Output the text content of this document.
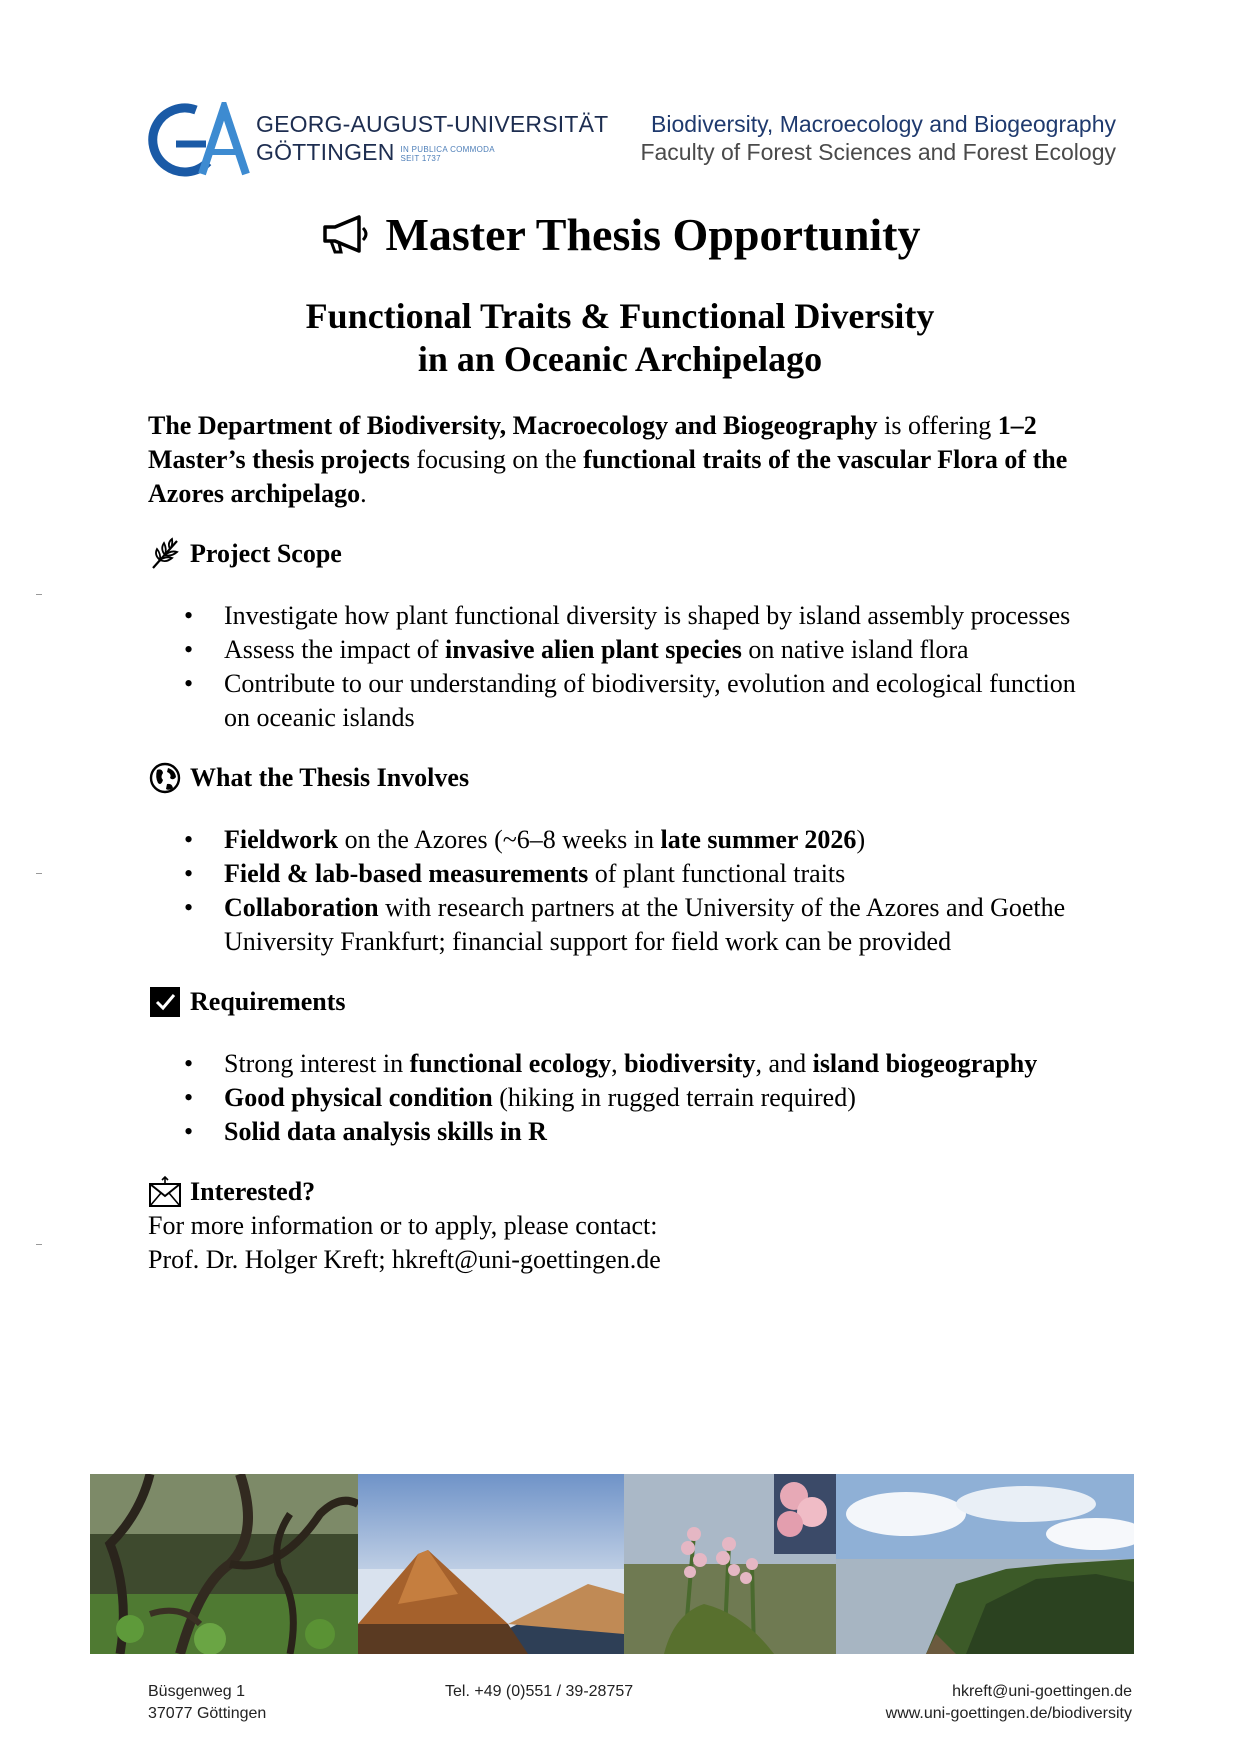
GEORG-AUGUST-UNIVERSITÄT
GÖTTINGEN IN PUBLICA COMMODA
SEIT 1737
Biodiversity, Macroecology and Biogeography
Faculty of Forest Sciences and Forest Ecology
Master Thesis Opportunity
Functional Traits & Functional Diversity
in an Oceanic Archipelago

The Department of Biodiversity, Macroecology and Biogeography is offering 1–2 Master’s thesis projects focusing on the functional traits of the vascular Flora of the Azores archipelago.

Project Scope
• Investigate how plant functional diversity is shaped by island assembly processes
• Assess the impact of invasive alien plant species on native island flora
• Contribute to our understanding of biodiversity, evolution and ecological function on oceanic islands
What the Thesis Involves
• Fieldwork on the Azores (~6–8 weeks in late summer 2026)
• Field & lab-based measurements of plant functional traits
• Collaboration with research partners at the University of the Azores and Goethe University Frankfurt; financial support for field work can be provided
Requirements
• Strong interest in functional ecology, biodiversity, and island biogeography
• Good physical condition (hiking in rugged terrain required)
• Solid data analysis skills in R
Interested?

For more information or to apply, please contact:

Prof. Dr. Holger Kreft; hkreft@uni-goettingen.de

Büsgenweg 1
37077 Göttingen
Tel. +49 (0)551 / 39-28757	hkreft@uni-goettingen.de
www.uni-goettingen.de/biodiversity
